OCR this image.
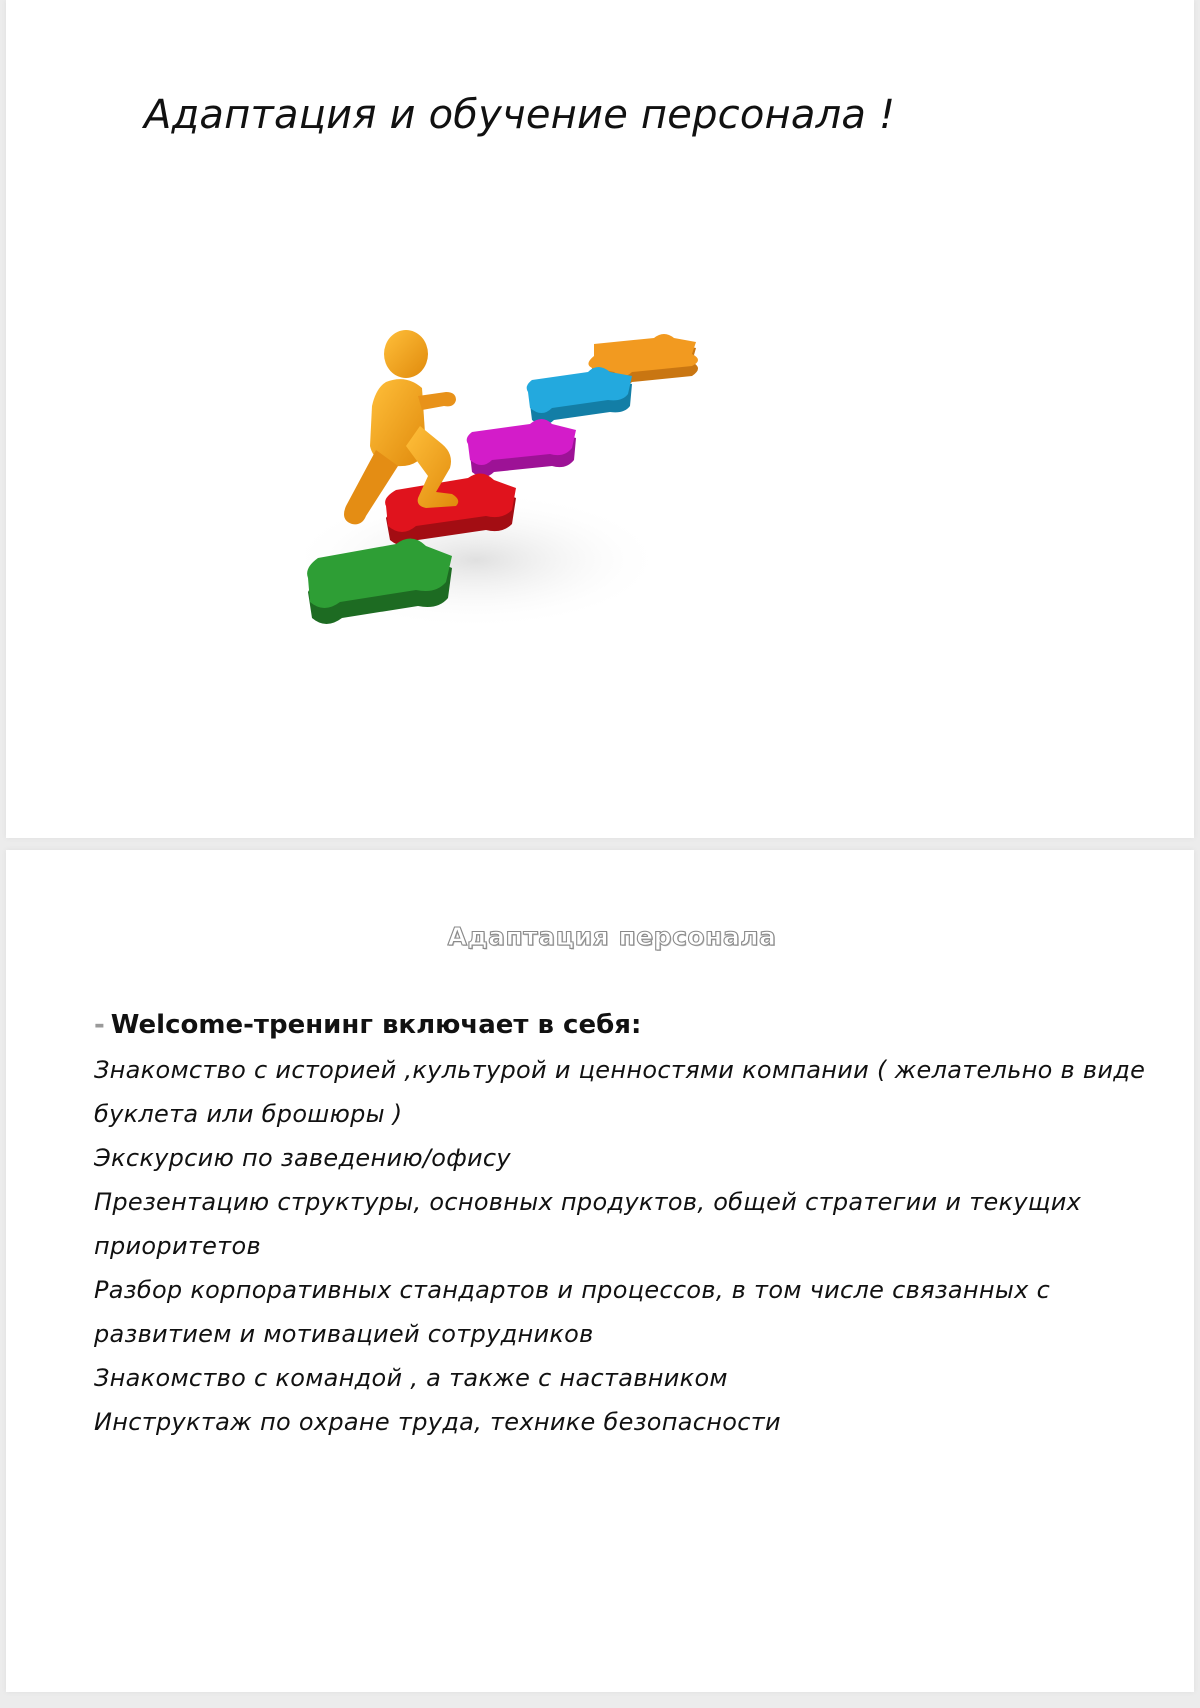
Адаптация и обучение персонала !
Адаптация персонала
- Welcome-тренинг включает в себя:
Знакомство с историей ,культурой и ценностями компании ( желательно в виде буклета или брошюры )
Экскурсию по заведению/офису
Презентацию структуры, основных продуктов, общей стратегии и текущих приоритетов
Разбор корпоративных стандартов и процессов, в том числе связанных с развитием и мотивацией сотрудников
Знакомство с командой , а также с наставником
Инструктаж по охране труда, технике безопасности
